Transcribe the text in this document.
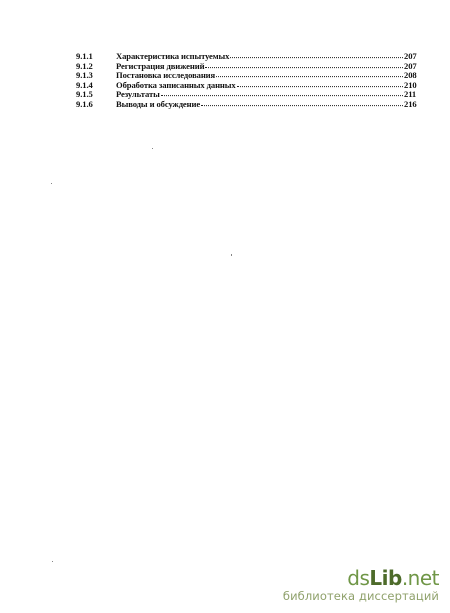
9.1.1	Характеристика испытуемых	207
9.1.2	Регистрация движений	207
9.1.3	Постановка исследования	208
9.1.4	Обработка записанных данных	210
9.1.5	Результаты	211
9.1.6	Выводы и обсуждение	216
dsLib.net
библиотека диссертаций
